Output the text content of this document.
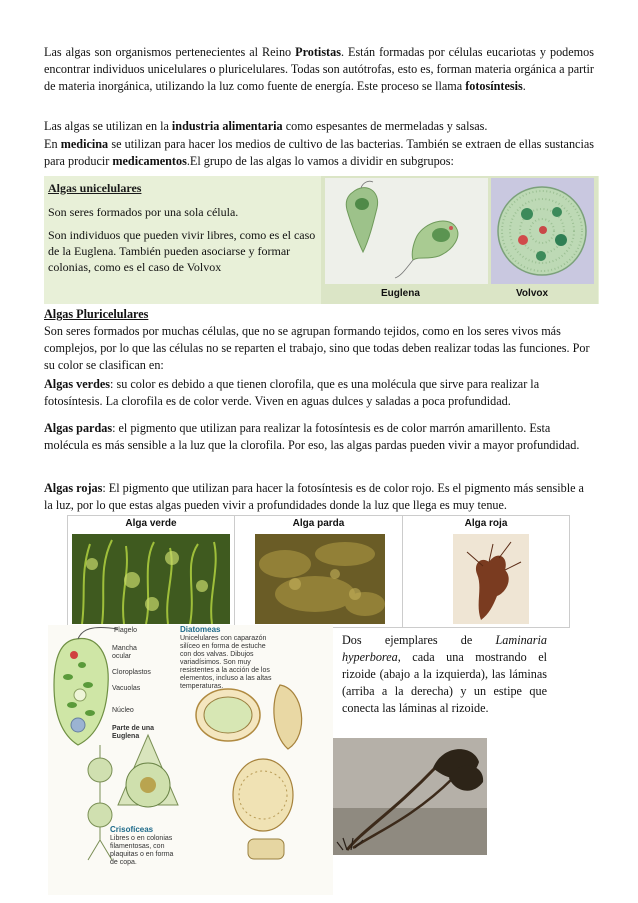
Las algas son organismos pertenecientes al Reino Protistas. Están formadas por células eucariotas y podemos encontrar individuos unicelulares o pluricelulares. Todas son autótrofas, esto es, forman materia orgánica a partir de materia inorgánica, utilizando la luz como fuente de energía. Este proceso se llama fotosíntesis.

Las algas se utilizan en la industria alimentaria como espesantes de mermeladas y salsas.

En medicina se utilizan para hacer los medios de cultivo de las bacterias. También se extraen de ellas sustancias para producir medicamentos.El grupo de las algas lo vamos a dividir en subgrupos:

Algas unicelulares

Son seres formados por una sola célula.

Son individuos que pueden vivir libres, como es el caso de la Euglena. También pueden asociarse y formar colonias, como es el caso de Volvox

Euglena	Volvox
Algas Pluricelulares
Son seres formados por muchas células, que no se agrupan formando tejidos, como en los seres vivos más complejos, por lo que las células no se reparten el trabajo, sino que todas deben realizar todas las funciones. Por su color se clasifican en:

Algas verdes: su color es debido a que tienen clorofila, que es una molécula que sirve para realizar la fotosíntesis. La clorofila es de color verde. Viven en aguas dulces y saladas a poca profundidad.

Algas pardas: el pigmento que utilizan para realizar la fotosíntesis es de color marrón amarillento. Esta molécula es más sensible a la luz que la clorofila. Por eso, las algas pardas pueden vivir a mayor profundidad.

Algas rojas: El pigmento que utilizan para hacer la fotosíntesis es de color rojo. Es el pigmento más sensible a la luz, por lo que estas algas pueden vivir a profundidades donde la luz que llega es muy tenue.

Alga verde	Alga parda	Alga roja
Flagelo
Mancha ocular
Cloroplastos
Vacuolas
Núcleo
Parte de una Euglena
Diatomeas
Unicelulares con caparazón silíceo en forma de estuche con dos valvas. Dibujos variadísimos. Son muy resistentes a la acción de los elementos, incluso a las altas temperaturas.
Crisofíceas
Libres o en colonias filamentosas, con plaquitas o en forma de copa.

Dos ejemplares de Laminaria hyperborea, cada una mostrando el rizoide (abajo a la izquierda), las láminas (arriba a la derecha) y un estipe que conecta las láminas al rizoide.
